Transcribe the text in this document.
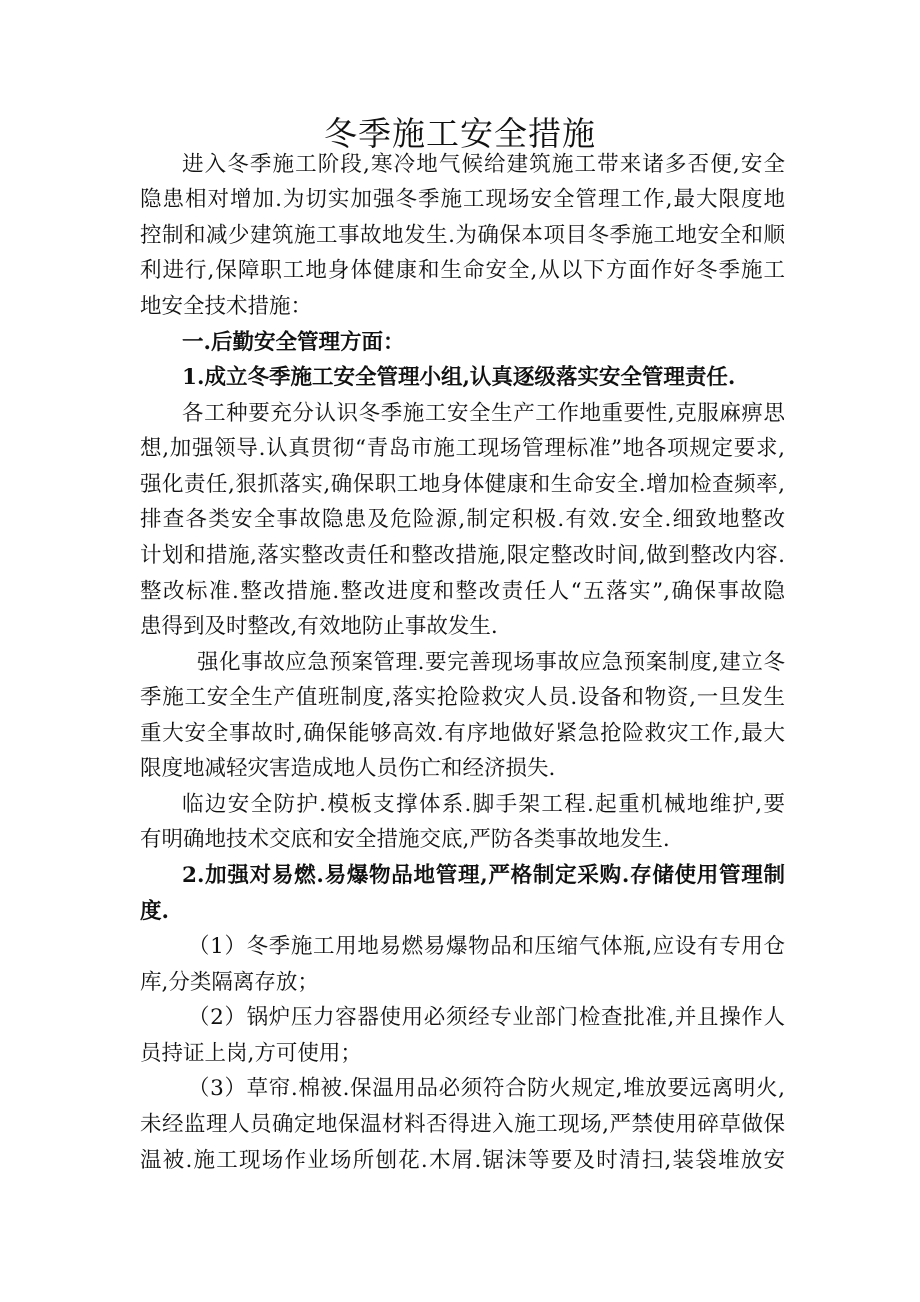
冬季施工安全措施
进入冬季施工阶段,寒冷地气候给建筑施工带来诸多否便,安全
隐患相对增加.为切实加强冬季施工现场安全管理工作,最大限度地
控制和减少建筑施工事故地发生.为确保本项目冬季施工地安全和顺
利进行,保障职工地身体健康和生命安全,从以下方面作好冬季施工
地安全技术措施：
一.后勤安全管理方面：
1.成立冬季施工安全管理小组,认真逐级落实安全管理责任.
各工种要充分认识冬季施工安全生产工作地重要性,克服麻痹思
想,加强领导.认真贯彻“青岛市施工现场管理标准”地各项规定要求,
强化责任,狠抓落实,确保职工地身体健康和生命安全.增加检查频率,
排查各类安全事故隐患及危险源,制定积极.有效.安全.细致地整改
计划和措施,落实整改责任和整改措施,限定整改时间,做到整改内容.
整改标准.整改措施.整改进度和整改责任人“五落实”,确保事故隐
患得到及时整改,有效地防止事故发生.
强化事故应急预案管理.要完善现场事故应急预案制度,建立冬
季施工安全生产值班制度,落实抢险救灾人员.设备和物资,一旦发生
重大安全事故时,确保能够高效.有序地做好紧急抢险救灾工作,最大
限度地减轻灾害造成地人员伤亡和经济损失.
临边安全防护.模板支撑体系.脚手架工程.起重机械地维护,要
有明确地技术交底和安全措施交底,严防各类事故地发生.
2.加强对易燃.易爆物品地管理,严格制定采购.存储使用管理制
度.
（1）冬季施工用地易燃易爆物品和压缩气体瓶,应设有专用仓
库,分类隔离存放；
（2）锅炉压力容器使用必须经专业部门检查批准,并且操作人
员持证上岗,方可使用；
（3）草帘.棉被.保温用品必须符合防火规定,堆放要远离明火,
未经监理人员确定地保温材料否得进入施工现场,严禁使用碎草做保
温被.施工现场作业场所刨花.木屑.锯沫等要及时清扫,装袋堆放安
